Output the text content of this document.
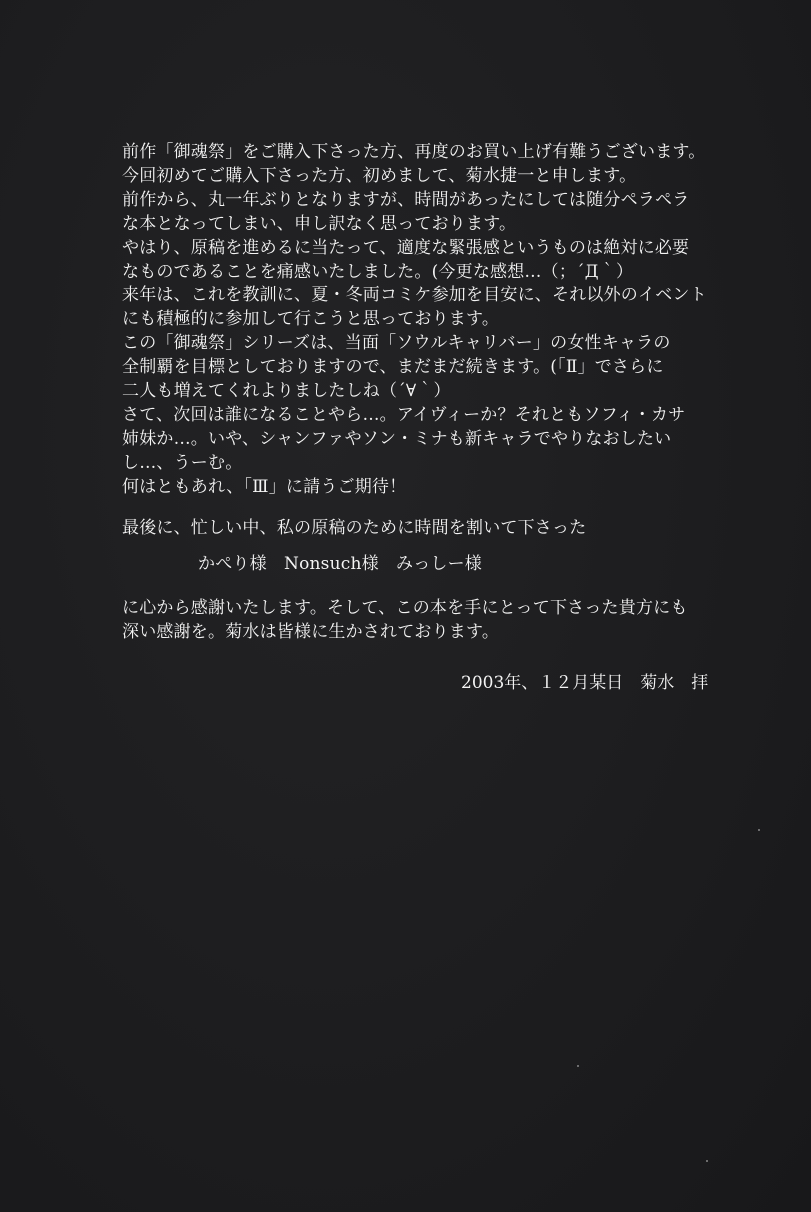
前作「御魂祭」をご購入下さった方、再度のお買い上げ有難うございます。
今回初めてご購入下さった方、初めまして、菊水捷一と申します。
前作から、丸一年ぶりとなりますが、時間があったにしては随分ペラペラ
な本となってしまい、申し訳なく思っております。
やはり、原稿を進めるに当たって、適度な緊張感というものは絶対に必要
なものであることを痛感いたしました。(今更な感想…（；´Д｀）
来年は、これを教訓に、夏・冬両コミケ参加を目安に、それ以外のイベント
にも積極的に参加して行こうと思っております。
この「御魂祭」シリーズは、当面「ソウルキャリバー」の女性キャラの
全制覇を目標としておりますので、まだまだ続きます。(「Ⅱ」でさらに
二人も増えてくれよりましたしね（´∀｀）
さて、次回は誰になることやら…。アイヴィーか？それともソフィ・カサ
姉妹か…。いや、シャンファやソン・ミナも新キャラでやりなおしたい
し…、うーむ。
何はともあれ、「Ⅲ」に請うご期待！
最後に、忙しい中、私の原稿のために時間を割いて下さった
かぺり様　Nonsuch様　みっしー様
に心から感謝いたします。そして、この本を手にとって下さった貴方にも
深い感謝を。菊水は皆様に生かされております。
2003年、１２月某日　菊水　拝
